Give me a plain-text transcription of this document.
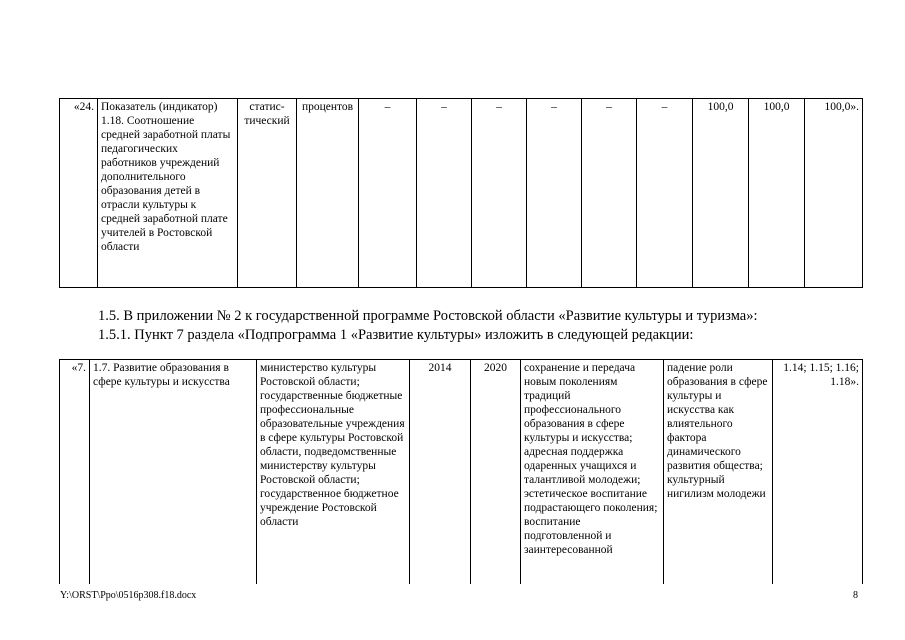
«24.	Показатель (индикатор) 1.18. Соотношение средней заработной платы педагогических работников учреждений дополнительного образования детей в отрасли культуры к средней заработной плате учителей в Ростовской области	статис-тический	процентов	–	–	–	–	–	–	100,0	100,0	100,0».
1.5. В приложении № 2 к государственной программе Ростовской области «Развитие культуры и туризма»:
1.5.1. Пункт 7 раздела «Подпрограмма 1 «Развитие культуры» изложить в следующей редакции:
«7.	1.7. Развитие образования в сфере культуры и искусства	министерство культуры Ростовской области; государственные бюджетные профессиональные образовательные учреждения в сфере культуры Ростовской области, подведомственные министерству культуры Ростовской области; государственное бюджетное учреждение Ростовской области	2014	2020	сохранение и передача новым поколениям традиций профессионального образования в сфере культуры и искусства; адресная поддержка одаренных учащихся и талантливой молодежи; эстетическое воспитание подрастающего поколения; воспитание подготовленной и заинтересованной	падение роли образования в сфере культуры и искусства как влиятельного фактора динамического развития общества; культурный нигилизм молодежи	1.14; 1.15; 1.16; 1.18».
Y:\ORST\Ppo\0516p308.f18.docx	8
